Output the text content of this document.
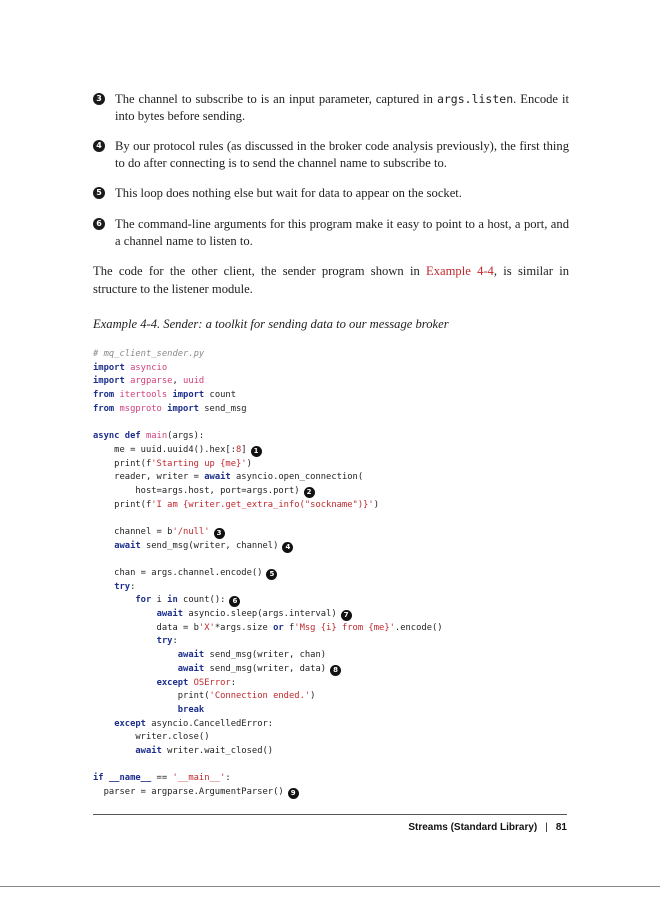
3 The channel to subscribe to is an input parameter, captured in args.listen. Encode it into bytes before sending.
4 By our protocol rules (as discussed in the broker code analysis previously), the first thing to do after connecting is to send the channel name to subscribe to.
5 This loop does nothing else but wait for data to appear on the socket.
6 The command-line arguments for this program make it easy to point to a host, a port, and a channel name to listen to.
The code for the other client, the sender program shown in Example 4-4, is similar in structure to the listener module.
Example 4-4. Sender: a toolkit for sending data to our message broker
# mq_client_sender.py
import asyncio
import argparse, uuid
from itertools import count
from msgproto import send_msg

async def main(args):
me = uuid.uuid4().hex[:8] 1
print(f'Starting up {me}')
reader, writer = await asyncio.open_connection(
host=args.host, port=args.port) 2
print(f'I am {writer.get_extra_info("sockname")}')

channel = b'/null' 3
await send_msg(writer, channel) 4

chan = args.channel.encode() 5
try:
for i in count(): 6
await asyncio.sleep(args.interval) 7
data = b'X'*args.size or f'Msg {i} from {me}'.encode()
try:
await send_msg(writer, chan)
await send_msg(writer, data) 8
except OSError:
print('Connection ended.')
break
except asyncio.CancelledError:
writer.close()
await writer.wait_closed()

if __name__ == '__main__':
parser = argparse.ArgumentParser() 9
Streams (Standard Library) | 81
